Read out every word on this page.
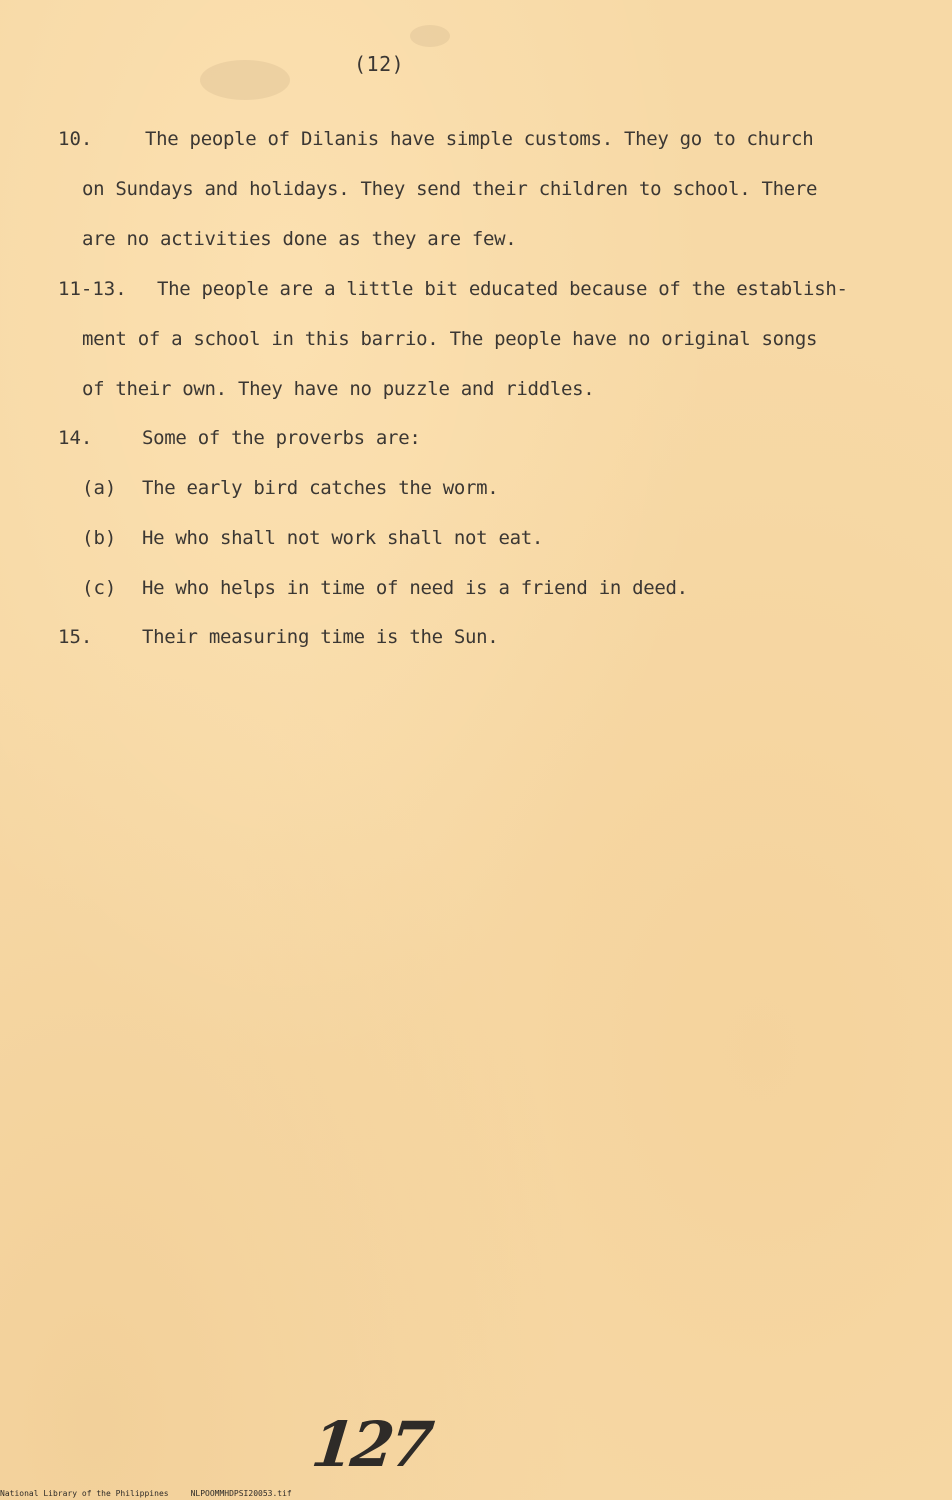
(12)
10.	The people of Dilanis have simple customs. They go to church
on Sundays and holidays. They send their children to school. There
are no activities done as they are few.
11-13. The people are a little bit educated because of the establish-
ment of a school in this barrio. The people have no original songs
of their own. They have no puzzle and riddles.
14.	Some of the proverbs are:
(a) The early bird catches the worm.
(b) He who shall not work shall not eat.
(c) He who helps in time of need is a friend in deed.
15.	Their measuring time is the Sun.
127
National Library of the Philippines	NLPOOMMHDPSI20053.tif
